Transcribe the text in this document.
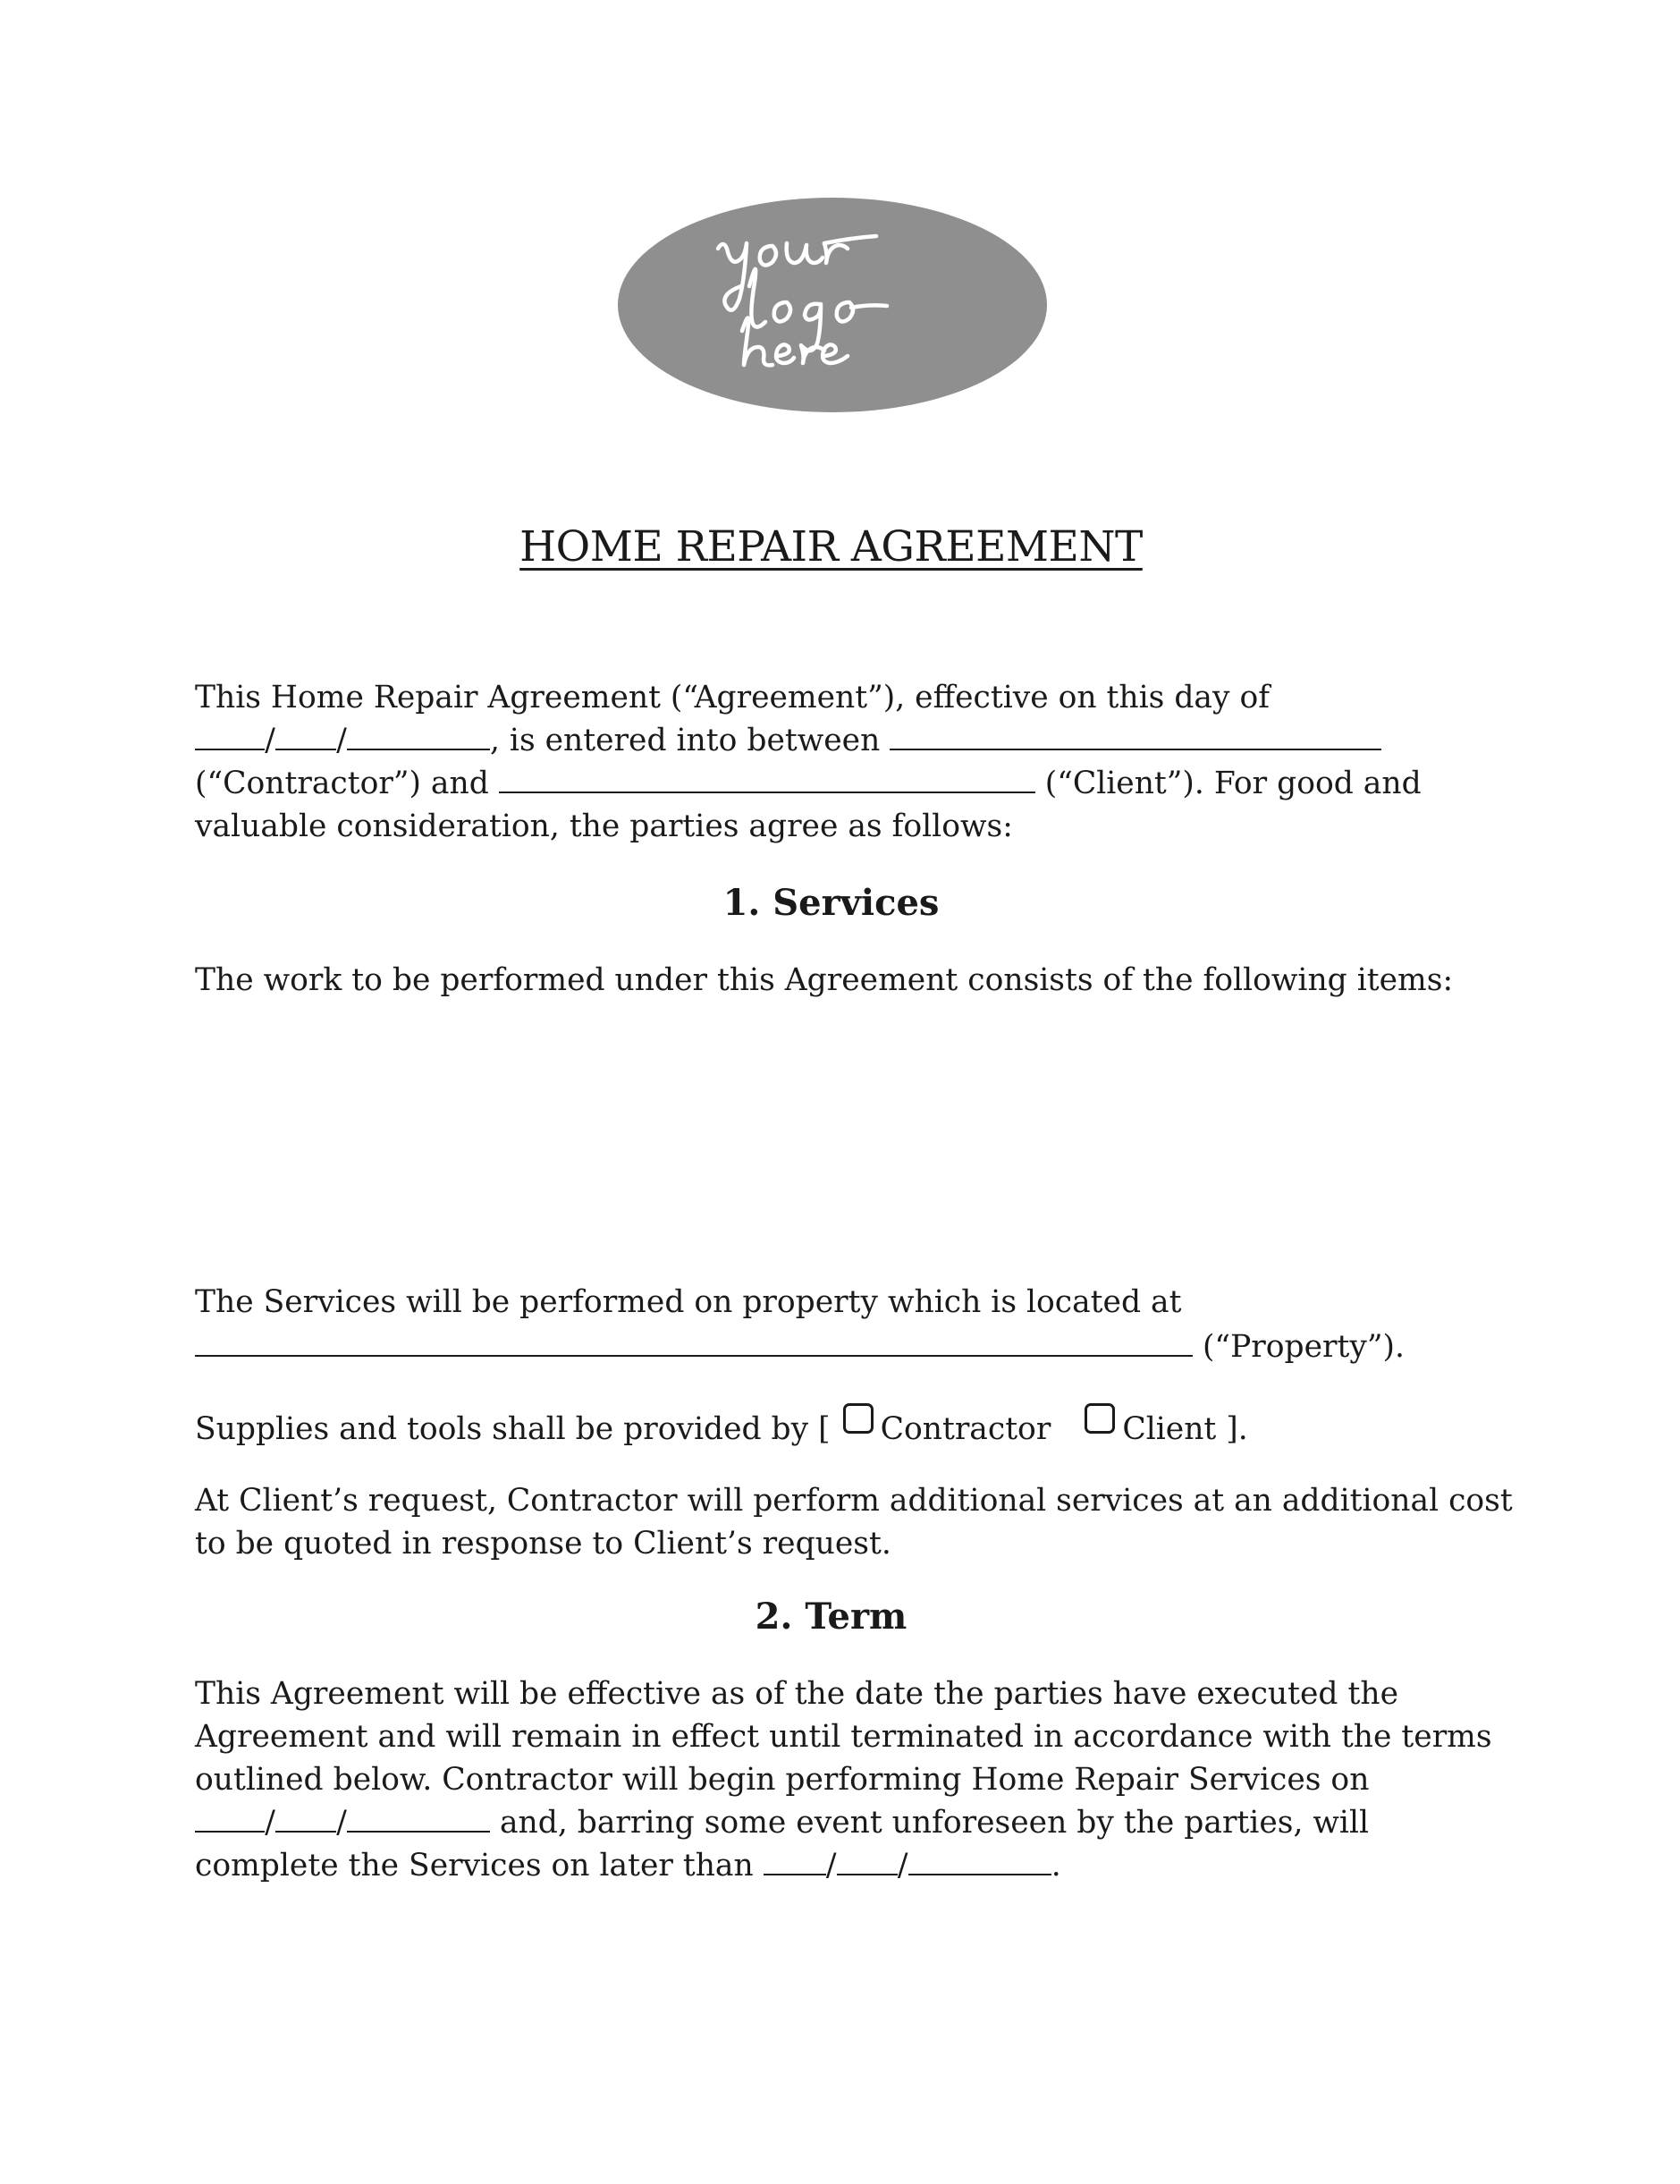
HOME REPAIR AGREEMENT
This Home Repair Agreement (“Agreement”), effective on this day of
/ /	, is entered into between
(“Contractor”) and	(“Client”). For good and
valuable consideration, the parties agree as follows:
1. Services
The work to be performed under this Agreement consists of the following items:
The Services will be performed on property which is located at
(“Property”).
Supplies and tools shall be provided by [ Contractor Client ].
At Client’s request, Contractor will perform additional services at an additional cost
to be quoted in response to Client’s request.
2. Term
This Agreement will be effective as of the date the parties have executed the
Agreement and will remain in effect until terminated in accordance with the terms
outlined below. Contractor will begin performing Home Repair Services on
/ /	and, barring some event unforeseen by the parties, will
complete the Services on later than / /	.
